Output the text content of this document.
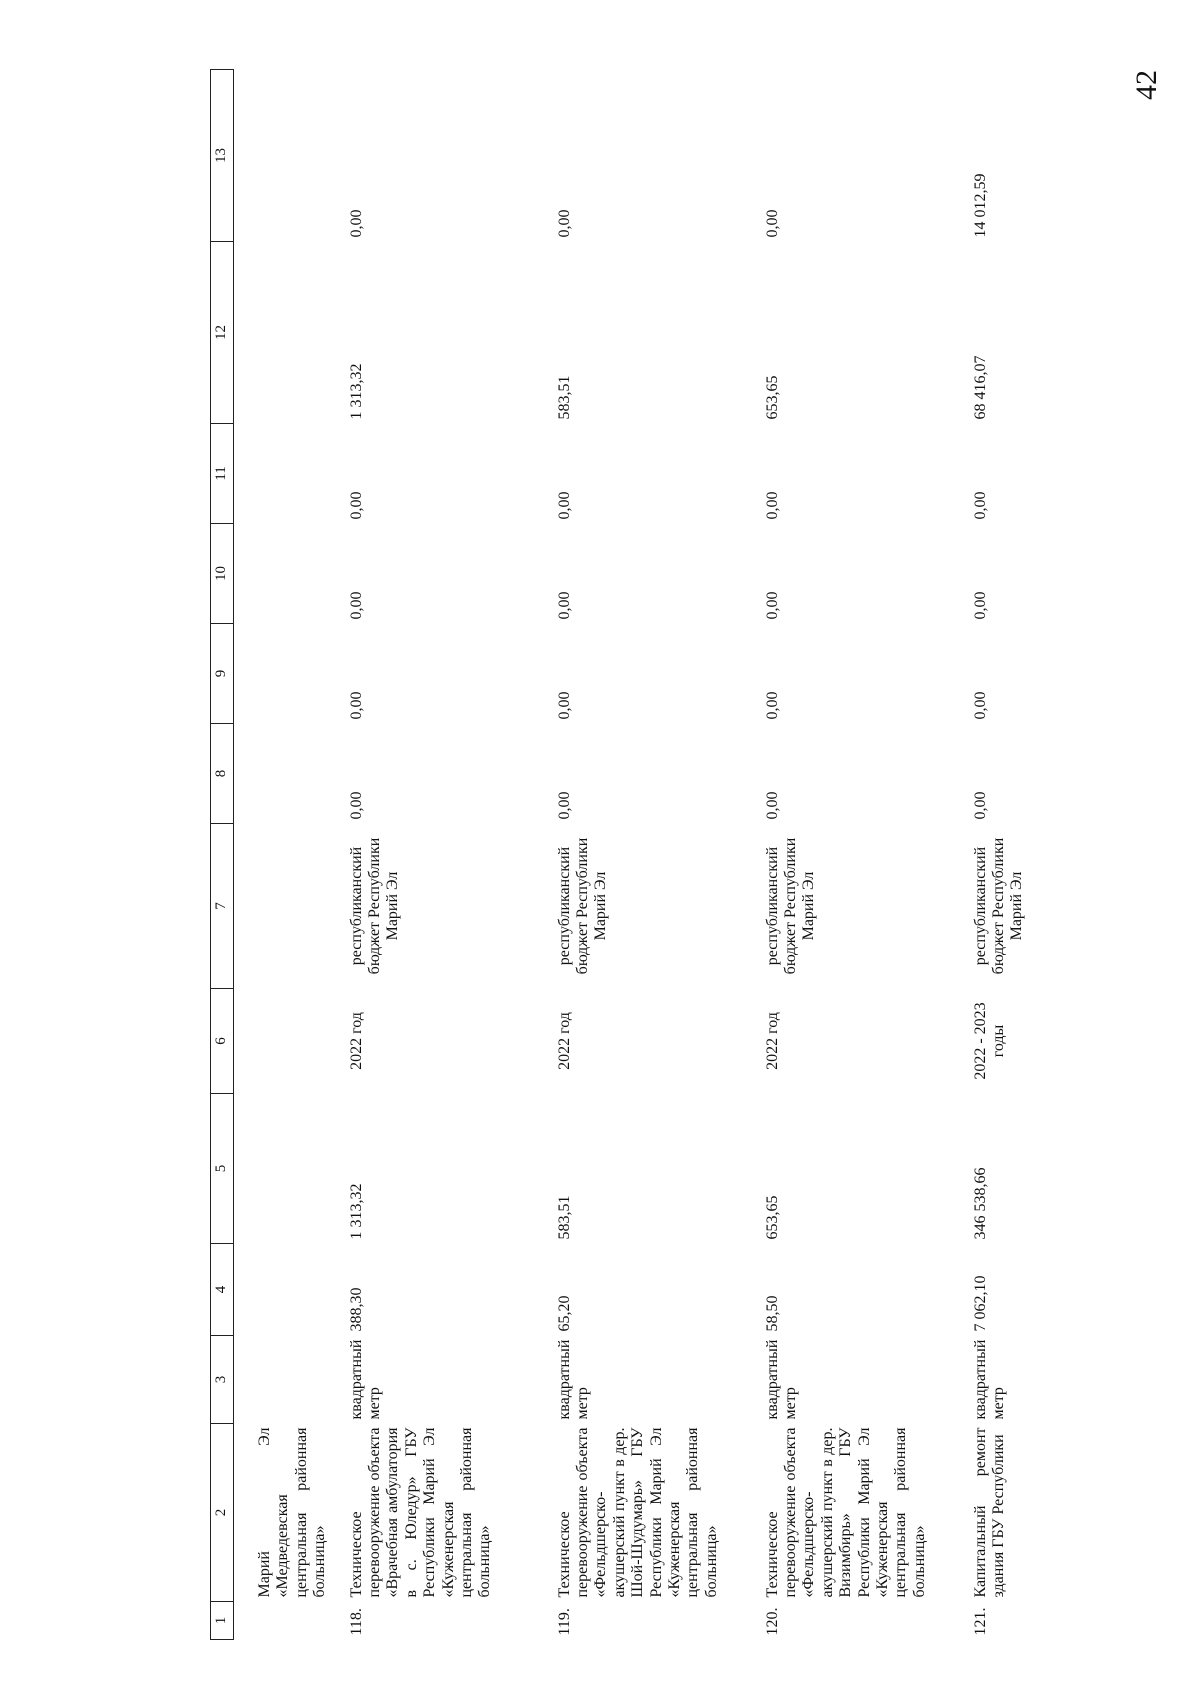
42
1	2	3	4	5	6	7	8	9	10	11	12	13
	Марий Эл «Медведевская центральная районная больница»											
118.	Техническое перевооружение объекта «Врачебная амбулатория в с. Юледур» ГБУ Республики Марий Эл «Куженерская центральная районная больница»	квадратный метр	388,30	1 313,32	2022 год	республиканский бюджет Республики Марий Эл	0,00	0,00	0,00	0,00	1 313,32	0,00
119.	Техническое перевооружение объекта «Фельдшерско-акушерский пункт в дер. Шой-Шудумарь» ГБУ Республики Марий Эл «Куженерская центральная районная больница»	квадратный метр	65,20	583,51	2022 год	республиканский бюджет Республики Марий Эл	0,00	0,00	0,00	0,00	583,51	0,00
120.	Техническое перевооружение объекта «Фельдшерско-акушерский пункт в дер. Визимбирь» ГБУ Республики Марий Эл «Куженерская центральная районная больница»	квадратный метр	58,50	653,65	2022 год	республиканский бюджет Республики Марий Эл	0,00	0,00	0,00	0,00	653,65	0,00
121.	Капитальный ремонт здания ГБУ Республики	квадратный метр	7 062,10	346 538,66	2022 - 2023 годы	республиканский бюджет Республики Марий Эл	0,00	0,00	0,00	0,00	68 416,07	14 012,59
